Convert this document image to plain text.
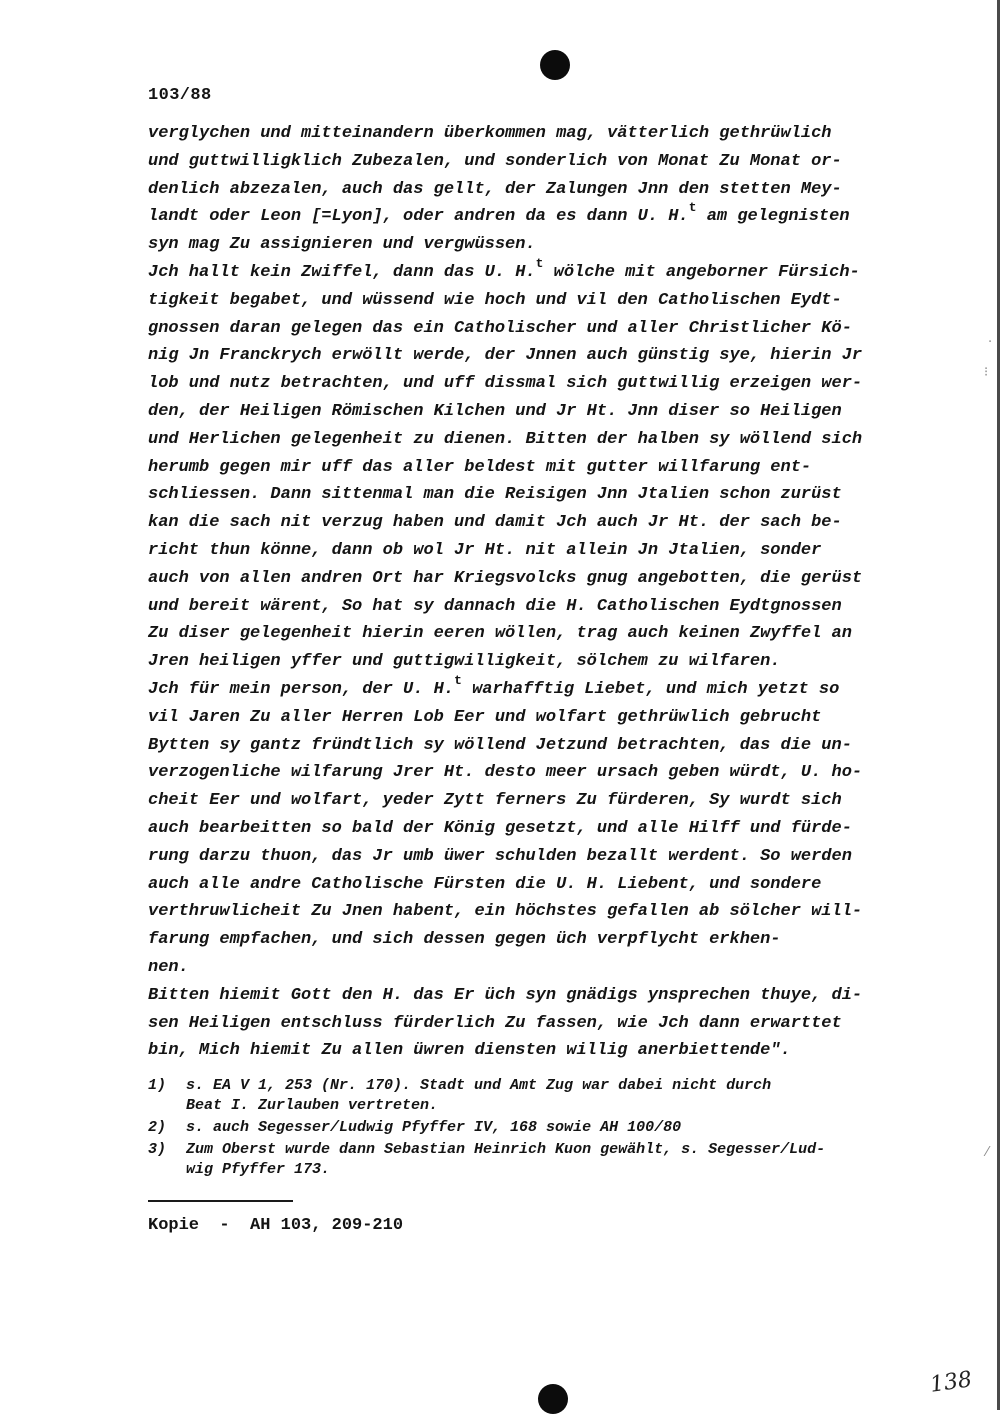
·
⁝
⁄
103/88
verglychen und mitteinandern überkommen mag, vätterlich gethrüwlich
und guttwilligklich Zubezalen, und sonderlich von Monat Zu Monat or-
denlich abzezalen, auch das gellt, der Zalungen Jnn den stetten Mey-
landt oder Leon [=Lyon], oder andren da es dann U. H.$^t$ am gelegnisten
syn mag Zu assignieren und vergwüssen.
Jch hallt kein Zwiffel, dann das U. H.$^t$ wölche mit angeborner Fürsich-
tigkeit begabet, und wüssend wie hoch und vil den Catholischen Eydt-
gnossen daran gelegen das ein Catholischer und aller Christlicher Kö-
nig Jn Franckrych erwöllt werde, der Jnnen auch günstig sye, hierin Jr
lob und nutz betrachten, und uff dissmal sich guttwillig erzeigen wer-
den, der Heiligen Römischen Kilchen und Jr Ht. Jnn diser so Heiligen
und Herlichen gelegenheit zu dienen. Bitten der halben sy wöllend sich
herumb gegen mir uff das aller beldest mit gutter willfarung ent-
schliessen. Dann sittenmal man die Reisigen Jnn Jtalien schon zurüst
kan die sach nit verzug haben und damit Jch auch Jr Ht. der sach be-
richt thun könne, dann ob wol Jr Ht. nit allein Jn Jtalien, sonder
auch von allen andren Ort har Kriegsvolcks gnug angebotten, die gerüst
und bereit wärent, So hat sy dannach die H. Catholischen Eydtgnossen
Zu diser gelegenheit hierin eeren wöllen, trag auch keinen Zwyffel an
Jren heiligen yffer und guttigwilligkeit, sölchem zu wilfaren.
Jch für mein person, der U. H.$^t$ warhafftig Liebet, und mich yetzt so
vil Jaren Zu aller Herren Lob Eer und wolfart gethrüwlich gebrucht
Bytten sy gantz fründtlich sy wöllend Jetzund betrachten, das die un-
verzogenliche wilfarung Jrer Ht. desto meer ursach geben würdt, U. ho-
cheit Eer und wolfart, yeder Zytt ferners Zu fürderen, Sy wurdt sich
auch bearbeitten so bald der König gesetzt, und alle Hilff und fürde-
rung darzu thuon, das Jr umb üwer schulden bezallt werdent. So werden
auch alle andre Catholische Fürsten die U. H. Liebent, und sondere
verthruwlicheit Zu Jnen habent, ein höchstes gefallen ab sölcher will-
farung empfachen, und sich dessen gegen üch verpflycht erkhen-
nen.
Bitten hiemit Gott den H. das Er üch syn gnädigs ynsprechen thuye, di-
sen Heiligen entschluss fürderlich Zu fassen, wie Jch dann erwarttet
bin, Mich hiemit Zu allen üwren diensten willig anerbiettende".
1)	s. EA V 1, 253 (Nr. 170). Stadt und Amt Zug war dabei nicht durch
Beat I. Zurlauben vertreten.
2)	s. auch Segesser/Ludwig Pfyffer IV, 168 sowie AH 100/80
3)	Zum Oberst wurde dann Sebastian Heinrich Kuon gewählt, s. Segesser/Lud-
wig Pfyffer 173.
Kopie  -  AH 103, 209-210
138
